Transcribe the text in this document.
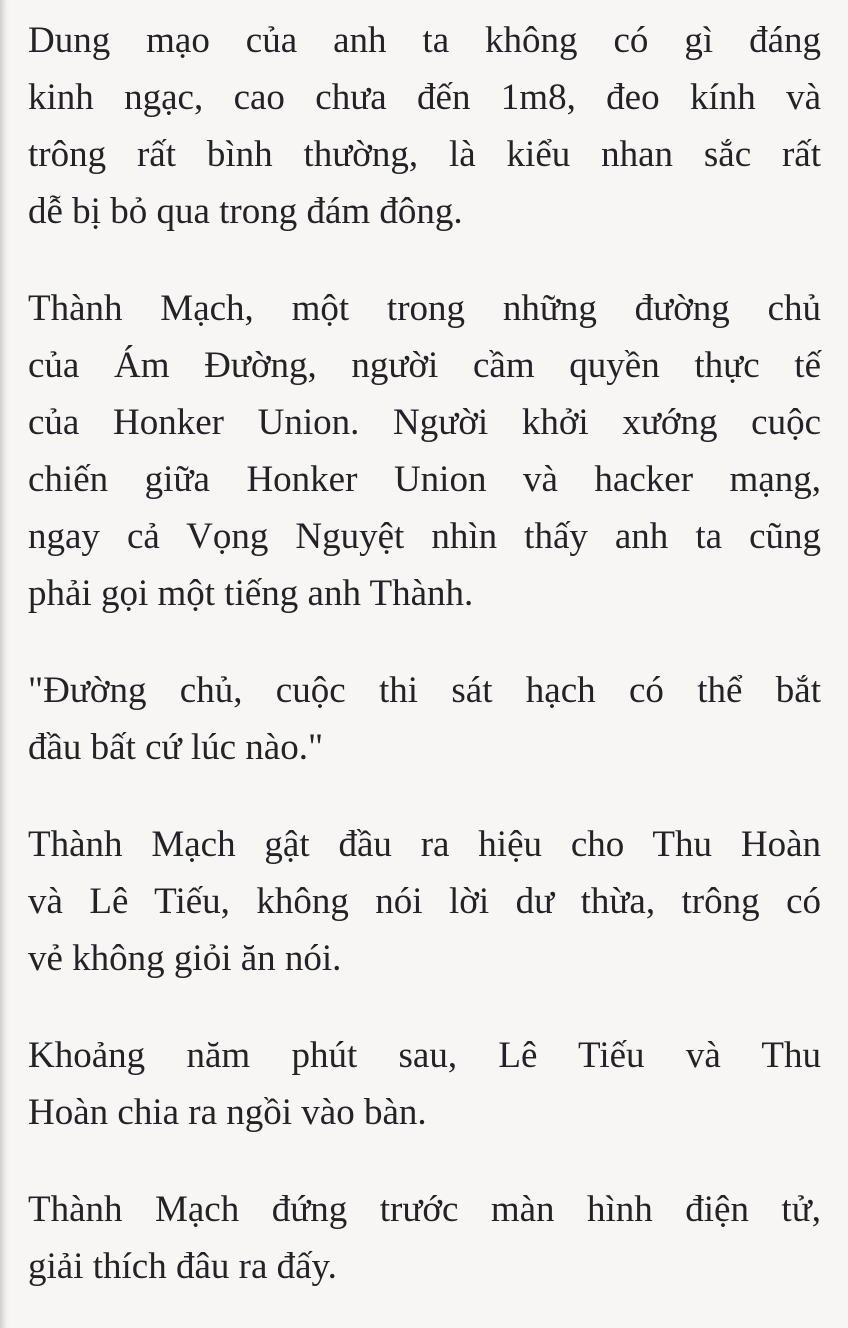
Dung mạo của anh ta không có gì đáng
kinh ngạc, cao chưa đến 1m8, đeo kính và
trông rất bình thường, là kiểu nhan sắc rất
dễ bị bỏ qua trong đám đông.
Thành Mạch, một trong những đường chủ
của Ám Đường, người cầm quyền thực tế
của Honker Union. Người khởi xướng cuộc
chiến giữa Honker Union và hacker mạng,
ngay cả Vọng Nguyệt nhìn thấy anh ta cũng
phải gọi một tiếng anh Thành.
"Đường chủ, cuộc thi sát hạch có thể bắt
đầu bất cứ lúc nào."
Thành Mạch gật đầu ra hiệu cho Thu Hoàn
và Lê Tiếu, không nói lời dư thừa, trông có
vẻ không giỏi ăn nói.
Khoảng năm phút sau, Lê Tiếu và Thu
Hoàn chia ra ngồi vào bàn.
Thành Mạch đứng trước màn hình điện tử,
giải thích đâu ra đấy.
